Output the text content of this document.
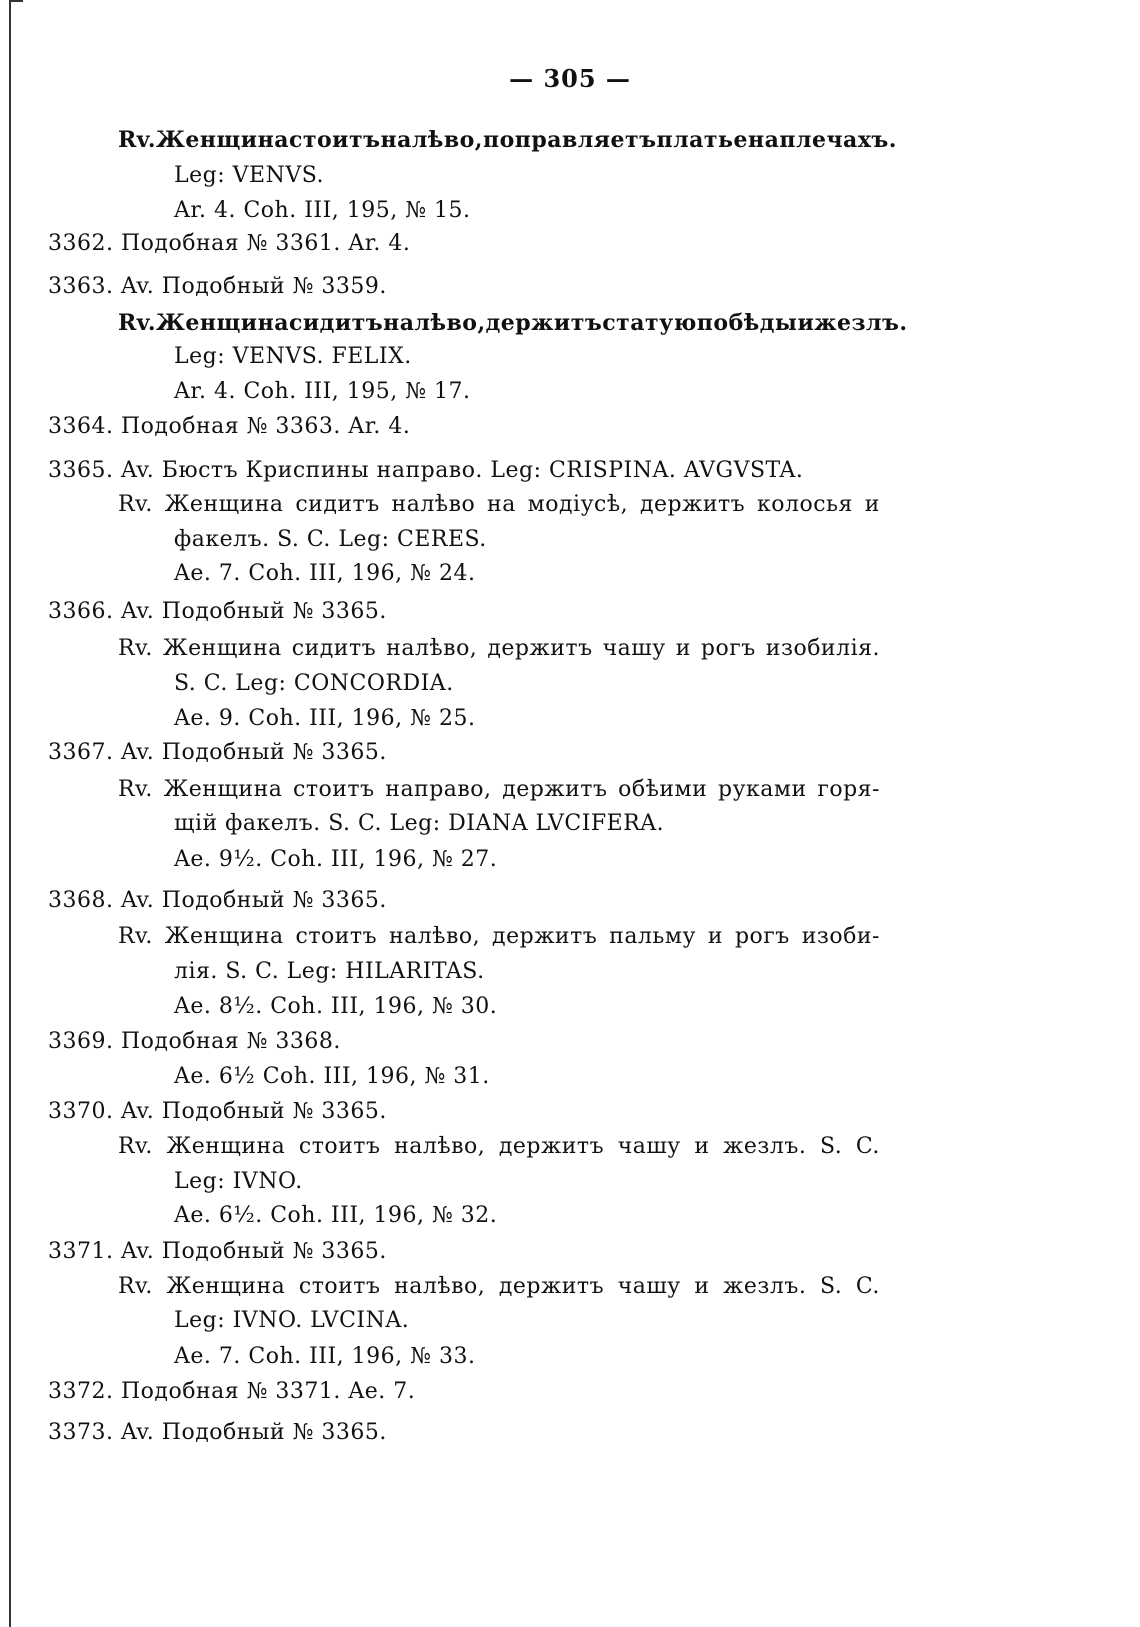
— 305 —
Rv. Женщина стоитъ налѣво, поправляетъ платье на плечахъ.
Leg: VENVS.
Ar. 4. Coh. III, 195, № 15.
3362. Подобная № 3361. Ar. 4.
3363. Av. Подобный № 3359.
Rv. Женщина сидитъ налѣво, держитъ статую побѣды и жезлъ.
Leg: VENVS. FELIX.
Ar. 4. Coh. III, 195, № 17.
3364. Подобная № 3363. Ar. 4.
3365. Av. Бюстъ Криспины направо. Leg: CRISPINA. AVGVSTA.
Rv. Женщина сидитъ налѣво на модіусѣ, держитъ колосья и
факелъ. S. C. Leg: CERES.
Ae. 7. Coh. III, 196, № 24.
3366. Av. Подобный № 3365.
Rv. Женщина сидитъ налѣво, держитъ чашу и рогъ изобилія.
S. C. Leg: CONCORDIA.
Ae. 9. Coh. III, 196, № 25.
3367. Av. Подобный № 3365.
Rv. Женщина стоитъ направо, держитъ обѣими руками горя-
щій факелъ. S. C. Leg: DIANA LVCIFERA.
Ae. 9½. Coh. III, 196, № 27.
3368. Av. Подобный № 3365.
Rv. Женщина стоитъ налѣво, держитъ пальму и рогъ изоби-
лія. S. C. Leg: HILARITAS.
Ae. 8½. Coh. III, 196, № 30.
3369. Подобная № 3368.
Ae. 6½ Coh. III, 196, № 31.
3370. Av. Подобный № 3365.
Rv. Женщина стоитъ налѣво, держитъ чашу и жезлъ. S. C.
Leg: IVNO.
Ae. 6½. Coh. III, 196, № 32.
3371. Av. Подобный № 3365.
Rv. Женщина стоитъ налѣво, держитъ чашу и жезлъ. S. C.
Leg: IVNO. LVCINA.
Ae. 7. Coh. III, 196, № 33.
3372. Подобная № 3371. Ae. 7.
3373. Av. Подобный № 3365.
